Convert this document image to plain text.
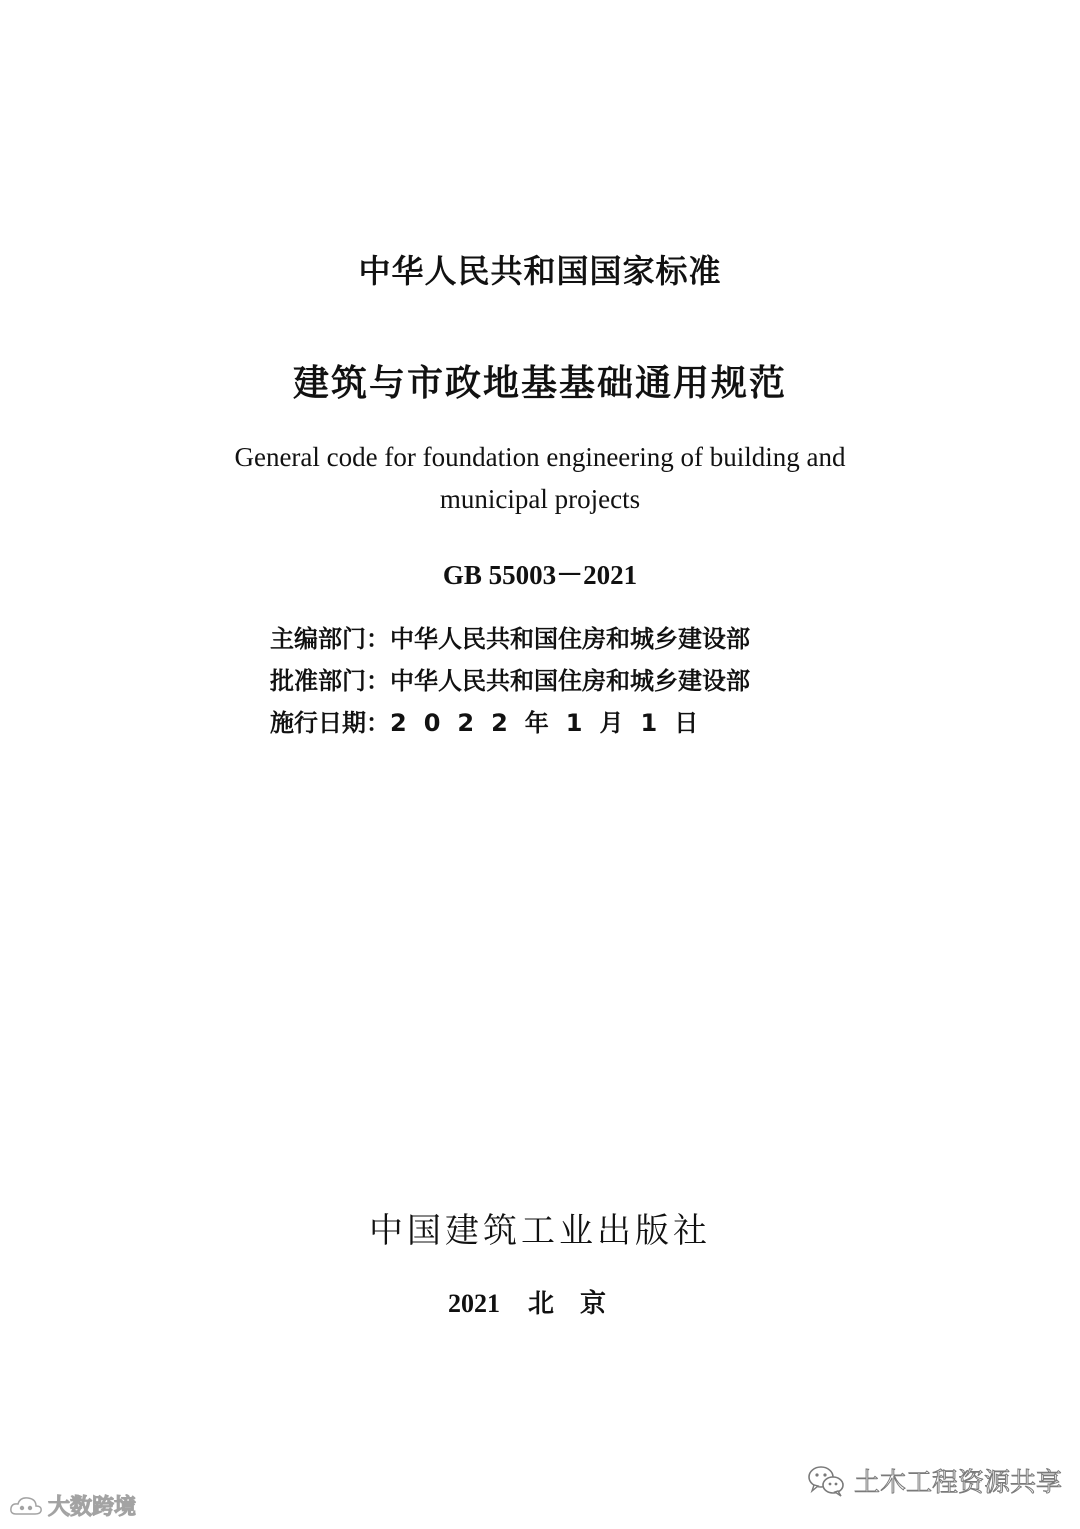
中华人民共和国国家标准
建筑与市政地基基础通用规范
General code for foundation engineering of building and
municipal projects
GB 55003－2021
主编部门：中华人民共和国住房和城乡建设部
批准部门：中华人民共和国住房和城乡建设部
施行日期：2022年1月1日
中国建筑工业出版社
2021 北京
大数跨境
土木工程资源共享
